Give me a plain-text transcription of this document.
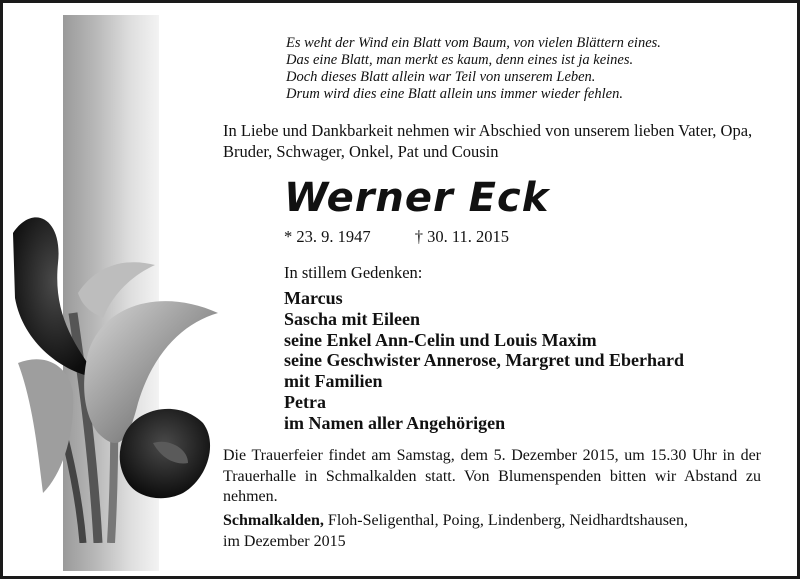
Es weht der Wind ein Blatt vom Baum, von vielen Blättern eines.
Das eine Blatt, man merkt es kaum, denn eines ist ja keines.
Doch dieses Blatt allein war Teil von unserem Leben.
Drum wird dies eine Blatt allein uns immer wieder fehlen.
In Liebe und Dankbarkeit nehmen wir Abschied von unserem lieben Vater, Opa, Bruder, Schwager, Onkel, Pat und Cousin
Werner Eck
* 23. 9. 1947	† 30. 11. 2015
In stillem Gedenken:
Marcus
Sascha mit Eileen
seine Enkel Ann-Celin und Louis Maxim
seine Geschwister Annerose, Margret und Eberhard
mit Familien
Petra
im Namen aller Angehörigen
Die Trauerfeier findet am Samstag, dem 5. Dezember 2015, um 15.30 Uhr in der Trauerhalle in Schmalkalden statt. Von Blumenspenden bitten wir Abstand zu nehmen.
Schmalkalden, Floh-Seligenthal, Poing, Lindenberg, Neidhardtshausen,
im Dezember 2015
